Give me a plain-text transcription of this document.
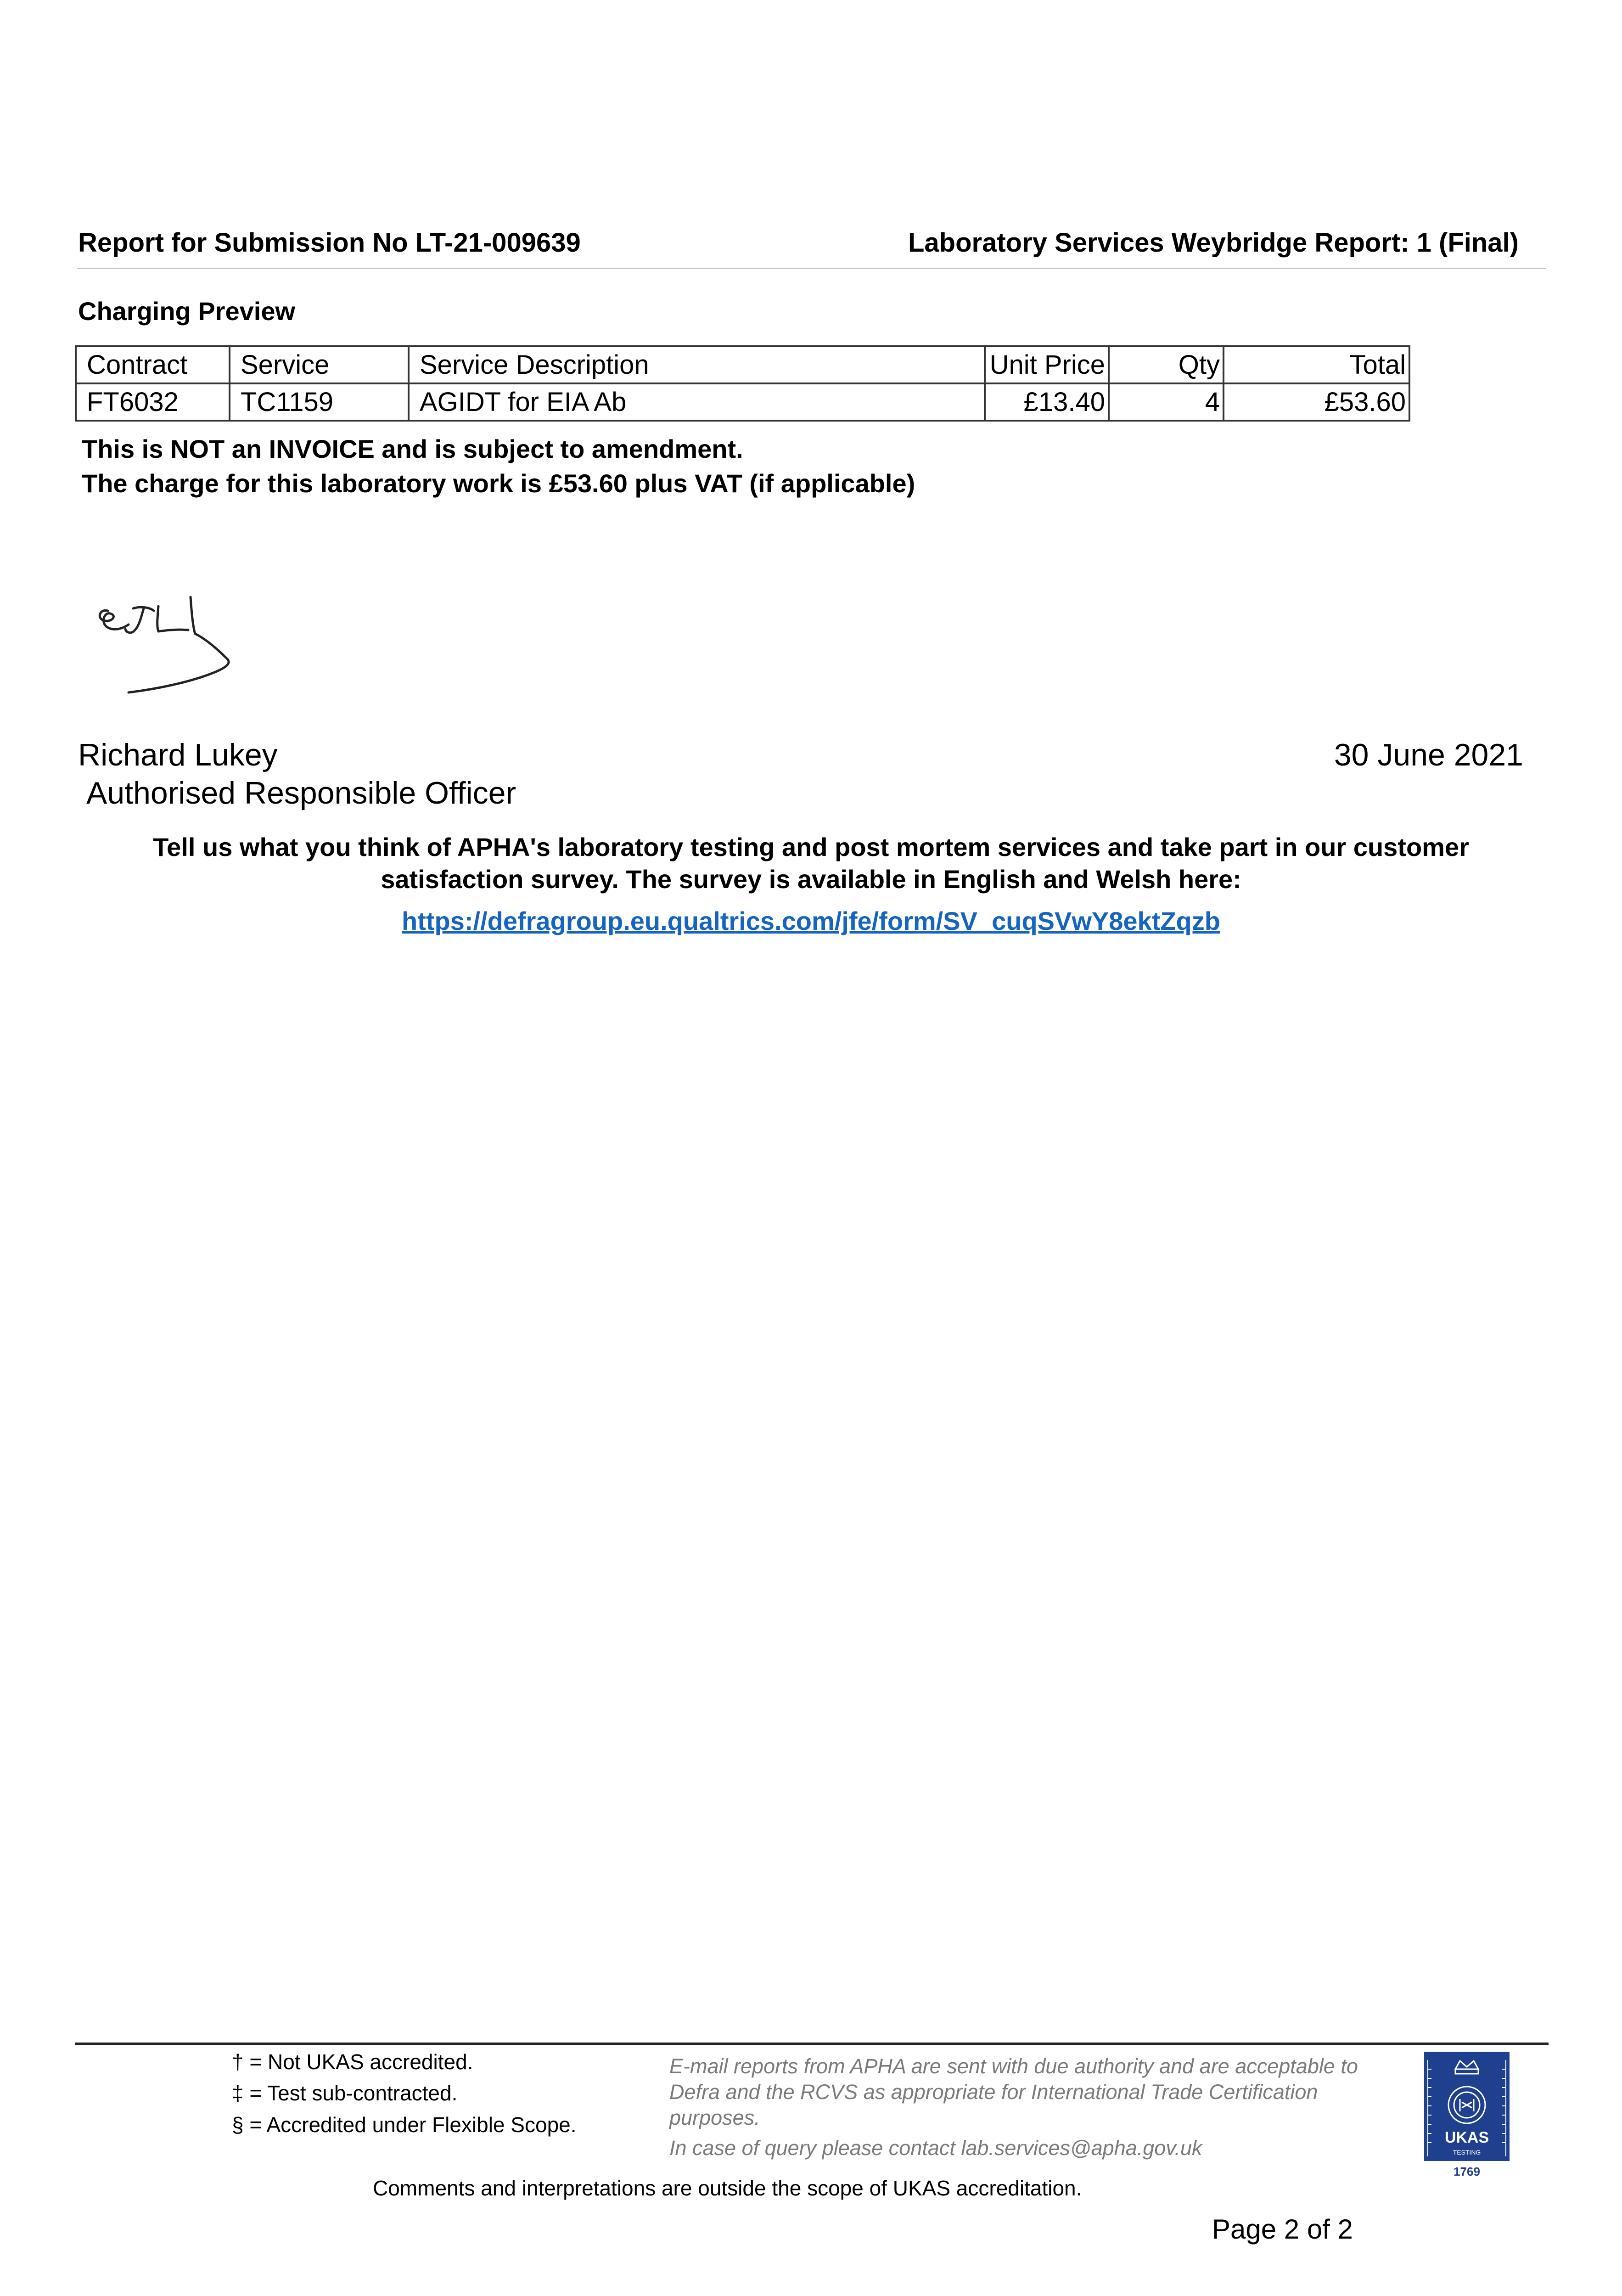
Report for Submission No LT-21-009639	Laboratory Services Weybridge Report: 1 (Final)
Charging Preview
Contract	Service	Service Description	Unit Price	Qty	Total
FT6032	TC1159	AGIDT for EIA Ab	£13.40	4	£53.60
This is NOT an INVOICE and is subject to amendment.
The charge for this laboratory work is £53.60 plus VAT (if applicable)
Richard Lukey
Authorised Responsible Officer
30 June 2021
Tell us what you think of APHA's laboratory testing and post mortem services and take part in our customer satisfaction survey. The survey is available in English and Welsh here:
https://defragroup.eu.qualtrics.com/jfe/form/SV_cuqSVwY8ektZqzb
† = Not UKAS accredited.
‡ = Test sub-contracted.
§ = Accredited under Flexible Scope.
E-mail reports from APHA are sent with due authority and are acceptable to Defra and the RCVS as appropriate for International Trade Certification purposes.
In case of query please contact lab.services@apha.gov.uk	UKAS
TESTING
1769
Comments and interpretations are outside the scope of UKAS accreditation.
Page 2 of 2
